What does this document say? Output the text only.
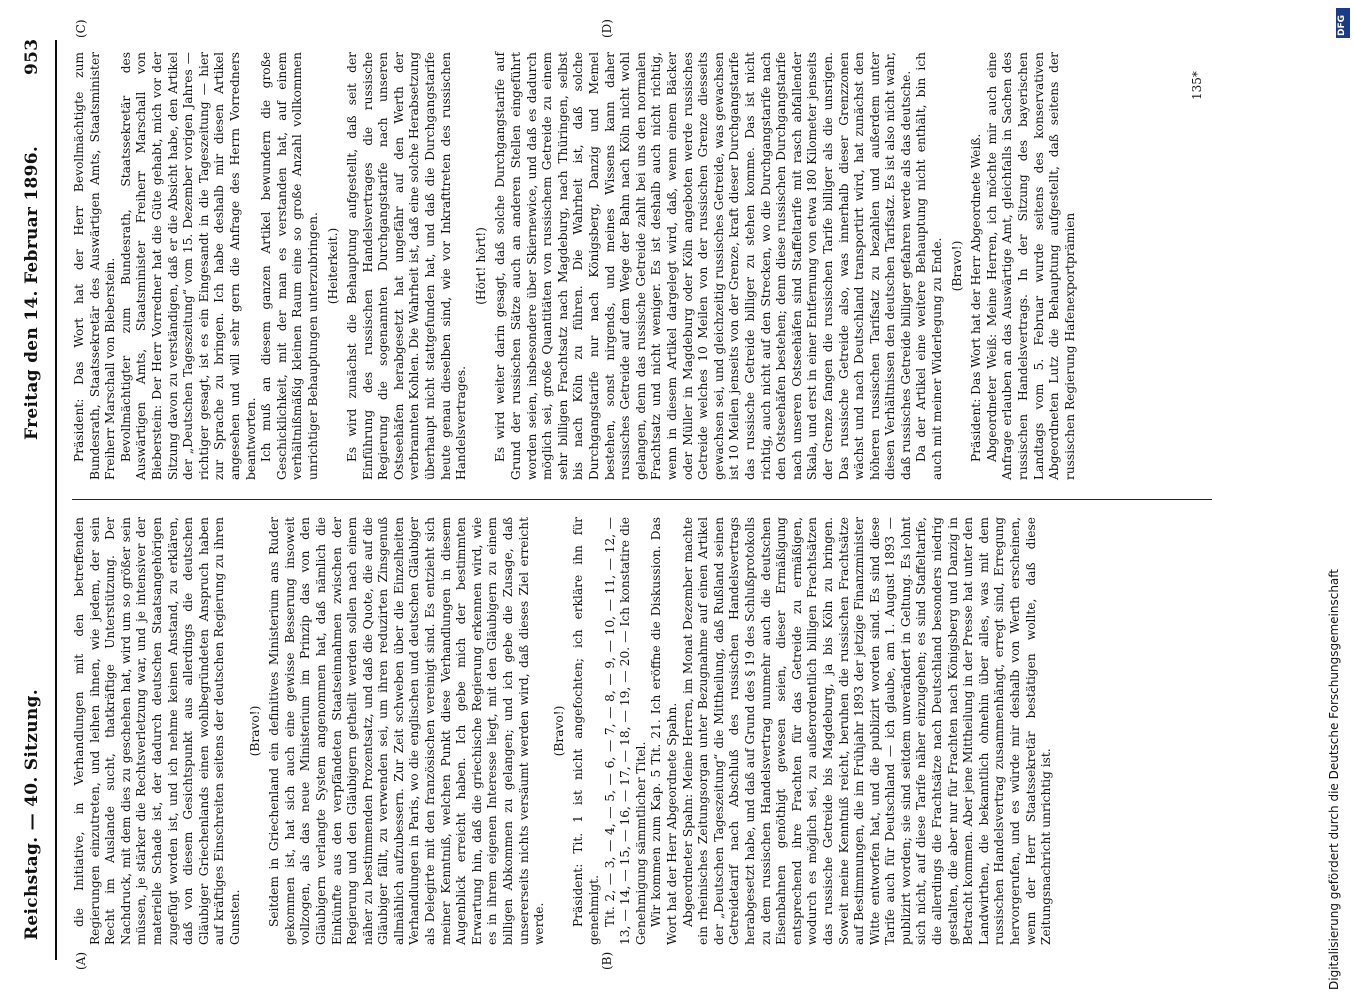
Reichstag. — 40. Sitzung.
Freitag den 14. Februar 1896.
953
(A)	(B)
(C)	(D)

die Initiative, in Verhandlungen mit den betreffenden Regierungen einzutreten, und leihen ihnen, wie jedem, der sein Recht im Auslande sucht, thatkräftige Unterstützung. Der Nachdruck, mit dem dies zu geschehen hat, wird um so größer sein müssen, je stärker die Rechtsverletzung war, und je intensiver der materielle Schade ist, der dadurch deutschen Staatsangehörigen zugefügt worden ist, und ich nehme keinen Anstand, zu erklären, daß von diesem Gesichtspunkt aus allerdings die deutschen Gläubiger Griechenlands einen wohlbegründeten Anspruch haben auf kräftiges Einschreiten seitens der deutschen Regierung zu ihren Gunsten.

(Bravo!) Seitdem in Griechenland ein definitives Ministerium ans Ruder gekommen ist, hat sich auch eine gewisse Besserung insoweit vollzogen, als das neue Ministerium im Prinzip das von den Gläubigern verlangte System angenommen hat, daß nämlich die Einkünfte aus den verpfändeten Staatseinnahmen zwischen der Regierung und den Gläubigern getheilt werden sollen nach einem näher zu bestimmenden Prozentsatz, und daß die Quote, die auf die Gläubiger fällt, zu verwenden sei, um ihren reduzirten Zinsgenuß allmählich aufzubessern. Zur Zeit schweben über die Einzelheiten Verhandlungen in Paris, wo die englischen und deutschen Gläubiger als Delegirte mit den französischen vereinigt sind. Es entzieht sich meiner Kenntniß, welchen Punkt diese Verhandlungen in diesem Augenblick erreicht haben. Ich gebe mich der bestimmten Erwartung hin, daß die griechische Regierung erkennen wird, wie es in ihrem eigenen Interesse liegt, mit den Gläubigern zu einem billigen Abkommen zu gelangen; und ich gebe die Zusage, daß unsererseits nichts versäumt werden wird, daß dieses Ziel erreicht werde.

(Bravo!) Präsident: Tit. 1 ist nicht angefochten; ich erkläre ihn für genehmigt. Tit. 2, — 3, — 4, — 5, — 6, — 7, — 8, — 9, — 10, — 11, — 12, — 13, — 14, — 15, — 16, — 17, — 18, — 19, — 20. — Ich konstatire die Genehmigung sämmtlicher Titel. Wir kommen zum Kap. 5 Tit. 21. Ich eröffne die Diskussion. Das Wort hat der Herr Abgeordnete Spahn. Abgeordneter Spahn: Meine Herren, im Monat Dezember machte ein rheinisches Zeitungsorgan unter Bezugnahme auf einen Artikel der „Deutschen Tageszeitung“ die Mittheilung, daß Rußland seinen Getreidetarif nach Abschluß des russischen Handelsvertrags herabgesetzt habe, und daß auf Grund des § 19 des Schlußprotokolls zu dem russischen Handelsvertrag nunmehr auch die deutschen Eisenbahnen genöthigt gewesen seien, dieser Ermäßigung entsprechend ihre Frachten für das Getreide zu ermäßigen, wodurch es möglich sei, zu außerordentlich billigen Frachtsätzen das russische Getreide bis Magdeburg, ja bis Köln zu bringen. Soweit meine Kenntniß reicht, beruhen die russischen Frachtsätze auf Bestimmungen, die im Frühjahr 1893 der jetzige Finanzminister Witte entworfen hat, und die publizirt worden sind. Es sind diese Tarife auch für Deutschland — ich glaube, am 1. August 1893 — publizirt worden; sie sind seitdem unverändert in Geltung. Es lohnt sich nicht, auf diese Tarife näher einzugehen; es sind Staffeltarife, die allerdings die Frachtsätze nach Deutschland besonders niedrig gestalten, die aber nur für Frachten nach Königsberg und Danzig in Betracht kommen. Aber jene Mittheilung in der Presse hat unter den Landwirthen, die bekanntlich ohnehin über alles, was mit dem russischen Handelsvertrag zusammenhängt, erregt sind, Erregung hervorgerufen, und es würde mir deshalb von Werth erscheinen, wenn der Herr Staatssekretär bestätigen wollte, daß diese Zeitungsnachricht unrichtig ist.

Präsident: Das Wort hat der Herr Bevollmächtigte zum Bundesrath, Staatssekretär des Auswärtigen Amts, Staatsminister Freiherr Marschall von Bieberstein. Bevollmächtigter zum Bundesrath, Staatssekretär des Auswärtigen Amts, Staatsminister Freiherr Marschall von Bieberstein: Der Herr Vorredner hat die Güte gehabt, mich vor der Sitzung davon zu verständigen, daß er die Absicht habe, den Artikel der „Deutschen Tageszeitung“ vom 15. Dezember vorigen Jahres — richtiger gesagt, ist es ein Eingesandt in die Tageszeitung — hier zur Sprache zu bringen. Ich habe deshalb mir diesen Artikel angesehen und will sehr gern die Anfrage des Herrn Vorredners beantworten. Ich muß an diesem ganzen Artikel bewundern die große Geschicklichkeit, mit der man es verstanden hat, auf einem verhältnißmäßig kleinen Raum eine so große Anzahl vollkommen unrichtiger Behauptungen unterzubringen. (Heiterkeit.) Es wird zunächst die Behauptung aufgestellt, daß seit der Einführung des russischen Handelsvertrages die russische Regierung die sogenannten Durchgangstarife nach unseren Ostseehäfen herabgesetzt hat ungefähr auf den Werth der verbrannten Kohlen. Die Wahrheit ist, daß eine solche Herabsetzung überhaupt nicht stattgefunden hat, und daß die Durchgangstarife heute genau dieselben sind, wie vor Inkrafttreten des russischen Handelsvertrages.

(Hört! hört!) Es wird weiter darin gesagt, daß solche Durchgangstarife auf Grund der russischen Sätze auch an anderen Stellen eingeführt worden seien, insbesondere über Skiernewice, und daß es dadurch möglich sei, große Quantitäten von russischem Getreide zu einem sehr billigen Frachtsatz nach Magdeburg, nach Thüringen, selbst bis nach Köln zu führen. Die Wahrheit ist, daß solche Durchgangstarife nur nach Königsberg, Danzig und Memel bestehen, sonst nirgends, und meines Wissens kann daher russisches Getreide auf dem Wege der Bahn nach Köln nicht wohl gelangen, denn das russische Getreide zahlt bei uns den normalen Frachtsatz und nicht weniger. Es ist deshalb auch nicht richtig, wenn in diesem Artikel dargelegt wird, daß, wenn einem Bäcker oder Müller in Magdeburg oder Köln angeboten werde russisches Getreide welches 10 Meilen von der russischen Grenze diesseits gewachsen sei, und gleichzeitig russisches Getreide, was gewachsen ist 10 Meilen jenseits von der Grenze, kraft dieser Durchgangstarife das russische Getreide billiger zu stehen komme. Das ist nicht richtig, auch nicht auf den Strecken, wo die Durchgangstarife nach den Ostseehäfen bestehen; denn diese russischen Durchgangstarife nach unseren Ostseehäfen sind Staffeltarife mit rasch abfallender Skala, und erst in einer Entfernung von etwa 180 Kilometer jenseits der Grenze fangen die russischen Tarife billiger als die unsrigen. Das russische Getreide also, was innerhalb dieser Grenzzonen wächst und nach Deutschland transportirt wird, hat zunächst den höheren russischen Tarifsatz zu bezahlen und außerdem unter diesen Verhältnissen den deutschen Tarifsatz. Es ist also nicht wahr, daß russisches Getreide billiger gefahren werde als das deutsche. Da der Artikel eine weitere Behauptung nicht enthält, bin ich auch mit meiner Widerlegung zu Ende. (Bravo!) Präsident: Das Wort hat der Herr Abgeordnete Weiß. Abgeordneter Weiß: Meine Herren, ich möchte mir auch eine Anfrage erlauben an das Auswärtige Amt, gleichfalls in Sachen des russischen Handelsvertrags. In der Sitzung des bayerischen Landtags vom 5. Februar wurde seitens des konservativen Abgeordneten Lutz die Behauptung aufgestellt, daß seitens der russischen Regierung Hafenexportprämien

135*
Digitalisierung gefördert durch die Deutsche Forschungsgemeinschaft
DFG
